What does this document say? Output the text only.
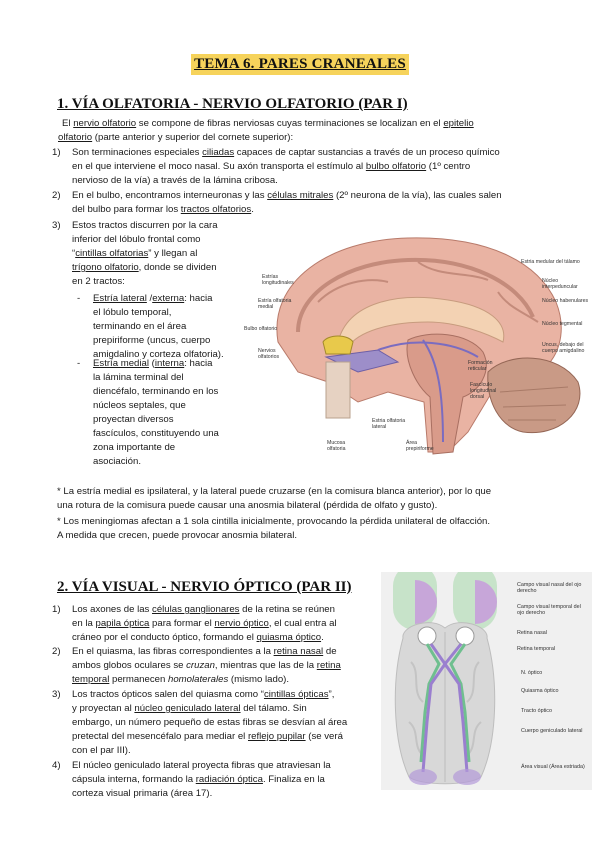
TEMA 6. PARES CRANEALES
1. VÍA OLFATORIA - NERVIO OLFATORIO (PAR I)

El nervio olfatorio se compone de fibras nerviosas cuyas terminaciones se localizan en el epitelio
olfatorio (parte anterior y superior del cornete superior):

1) Son terminaciones especiales ciliadas capaces de captar sustancias a través de un proceso químico
en el que interviene el moco nasal. Su axón transporta el estímulo al bulbo olfatorio (1º centro
nervioso de la vía) a través de la lámina cribosa.
2) En el bulbo, encontramos interneuronas y las células mitrales (2º neurona de la vía), las cuales salen
del bulbo para formar los tractos olfatorios.
3) Estos tractos discurren por la cara
inferior del lóbulo frontal como
“cintillas olfatorias” y llegan al
trígono olfatorio, donde se dividen
en 2 tractos:
- Estría lateral /externa: hacia
el lóbulo temporal,
terminando en el área
prepiriforme (uncus, cuerpo
amigdalino y corteza olfatoria).
- Estría medial (interna: hacia
la lámina terminal del
diencéfalo, terminando en los
núcleos septales, que
proyectan diversos
fascículos, constituyendo una
zona importante de
asociación.
Estria medular del tálamo
Núcleo interpeduncular
Núcleo habenulares
Núcleo tegmental
Uncus, debajo del cuerpo amigdalino
Formación reticular
Fascículo longitudinal dorsal
Estria olfatoria lateral
Área prepiriforme
Mucosa olfatoria
Nervios olfatorios
Bulbo olfatorio
Estría olfatoria medial
Estrías longitudinales
* La estría medial es ipsilateral, y la lateral puede cruzarse (en la comisura blanca anterior), por lo que
una rotura de la comisura puede causar una anosmia bilateral (pérdida de olfato y gusto).
* Los meningiomas afectan a 1 sola cintilla inicialmente, provocando la pérdida unilateral de olfacción.
A medida que crecen, puede provocar anosmia bilateral.
2. VÍA VISUAL - NERVIO ÓPTICO (PAR II)
1) Los axones de las células ganglionares de la retina se reúnen
en la papila óptica para formar el nervio óptico, el cual entra al
cráneo por el conducto óptico, formando el quiasma óptico.
2) En el quiasma, las fibras correspondientes a la retina nasal de
ambos globos oculares se cruzan, mientras que las de la retina
temporal permanecen homolaterales (mismo lado).
3) Los tractos ópticos salen del quiasma como “cintillas ópticas”,
y proyectan al núcleo geniculado lateral del tálamo. Sin
embargo, un número pequeño de estas fibras se desvían al área
pretectal del mesencéfalo para mediar el reflejo pupilar (se verá
con el par III).
4) El núcleo geniculado lateral proyecta fibras que atraviesan la
cápsula interna, formando la radiación óptica. Finaliza en la
corteza visual primaria (área 17).
Campo visual nasal del ojo derecho
Campo visual temporal del ojo derecho
Retina nasal
Retina temporal
N. óptico
Quiasma óptico
Tracto óptico
Cuerpo geniculado lateral
Área visual (Área estriada)
